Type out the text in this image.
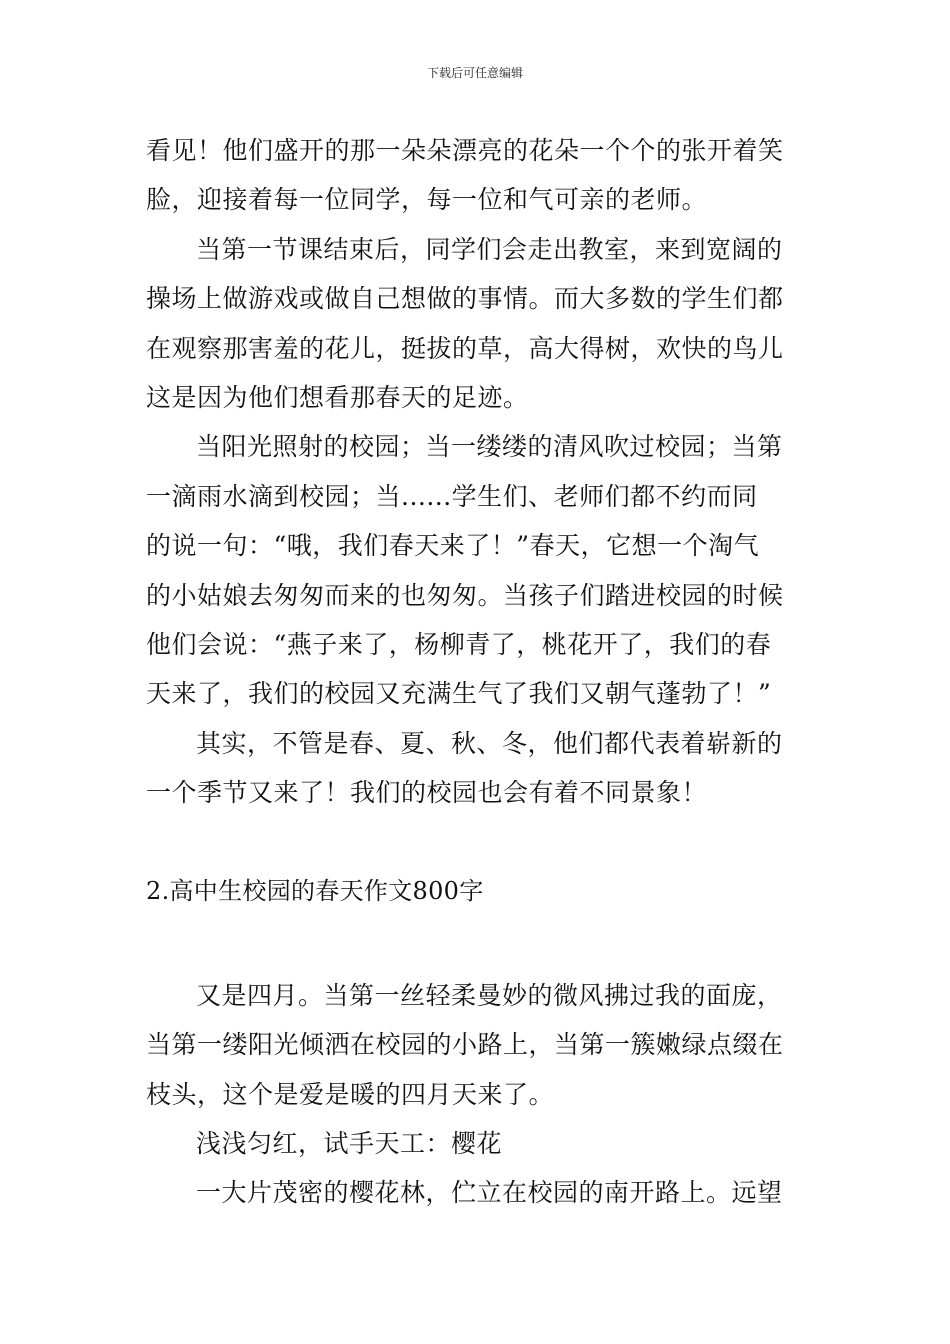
下载后可任意编辑
看见！他们盛开的那一朵朵漂亮的花朵一个个的张开着笑
脸，迎接着每一位同学，每一位和气可亲的老师。
当第一节课结束后，同学们会走出教室，来到宽阔的
操场上做游戏或做自己想做的事情。而大多数的学生们都
在观察那害羞的花儿，挺拔的草，高大得树，欢快的鸟儿
这是因为他们想看那春天的足迹。
当阳光照射的校园；当一缕缕的清风吹过校园；当第
一滴雨水滴到校园；当......学生们、老师们都不约而同
的说一句：“哦，我们春天来了！”春天，它想一个淘气
的小姑娘去匆匆而来的也匆匆。当孩子们踏进校园的时候
他们会说：“燕子来了，杨柳青了，桃花开了，我们的春
天来了，我们的校园又充满生气了我们又朝气蓬勃了！”
其实，不管是春、夏、秋、冬，他们都代表着崭新的
一个季节又来了！我们的校园也会有着不同景象！
2.高中生校园的春天作文800字
又是四月。当第一丝轻柔曼妙的微风拂过我的面庞，
当第一缕阳光倾洒在校园的小路上，当第一簇嫩绿点缀在
枝头，这个是爱是暖的四月天来了。
浅浅匀红，试手天工：樱花
一大片茂密的樱花林，伫立在校园的南开路上。远望
